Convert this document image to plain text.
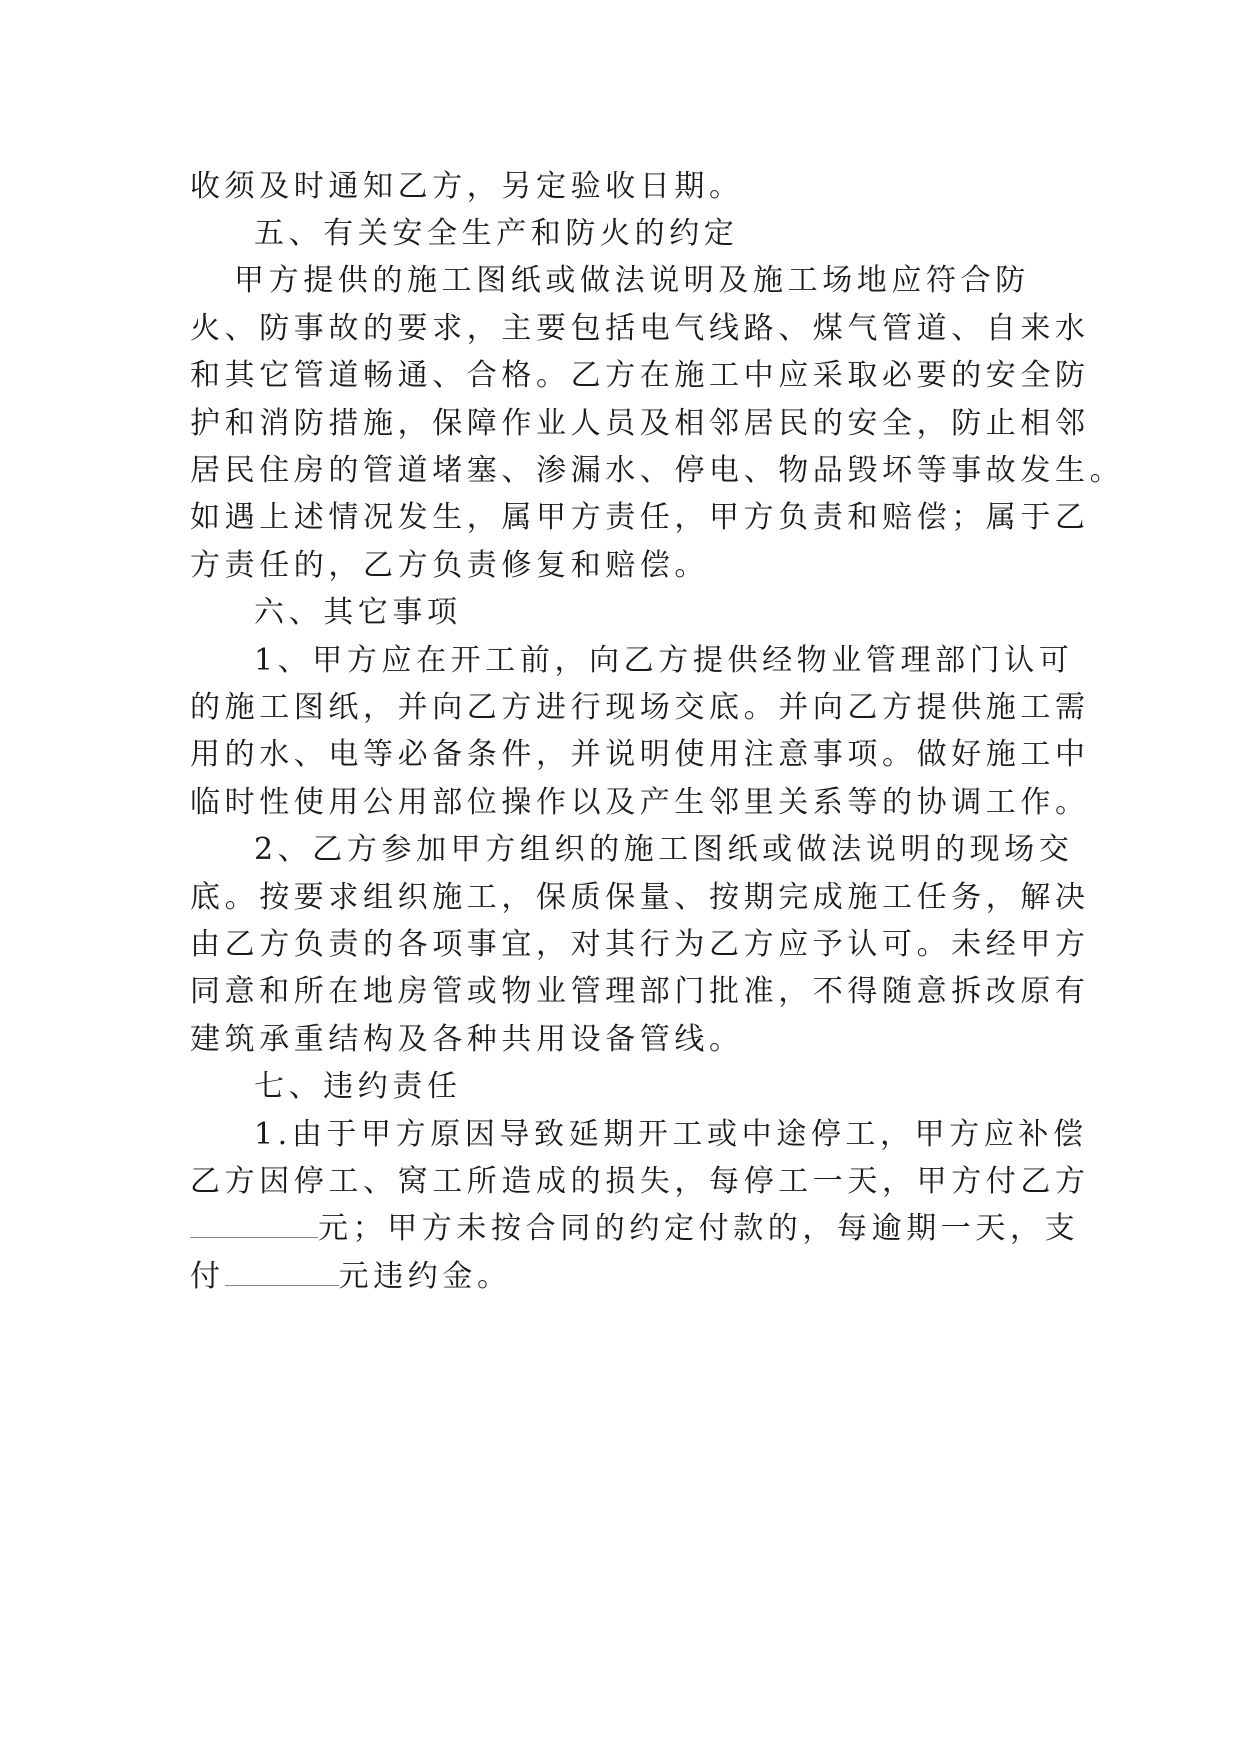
收须及时通知乙方，另定验收日期。
五、有关安全生产和防火的约定
甲方提供的施工图纸或做法说明及施工场地应符合防
火、防事故的要求，主要包括电气线路、煤气管道、自来水
和其它管道畅通、合格。乙方在施工中应采取必要的安全防
护和消防措施，保障作业人员及相邻居民的安全，防止相邻
居民住房的管道堵塞、渗漏水、停电、物品毁坏等事故发生。
如遇上述情况发生，属甲方责任，甲方负责和赔偿；属于乙
方责任的，乙方负责修复和赔偿。
六、其它事项
1、甲方应在开工前，向乙方提供经物业管理部门认可
的施工图纸，并向乙方进行现场交底。并向乙方提供施工需
用的水、电等必备条件，并说明使用注意事项。做好施工中
临时性使用公用部位操作以及产生邻里关系等的协调工作。
2、乙方参加甲方组织的施工图纸或做法说明的现场交
底。按要求组织施工，保质保量、按期完成施工任务，解决
由乙方负责的各项事宜，对其行为乙方应予认可。未经甲方
同意和所在地房管或物业管理部门批准，不得随意拆改原有
建筑承重结构及各种共用设备管线。
七、违约责任
1.由于甲方原因导致延期开工或中途停工，甲方应补偿
乙方因停工、窝工所造成的损失，每停工一天，甲方付乙方
元；甲方未按合同的约定付款的，每逾期一天，支
付	元违约金。
